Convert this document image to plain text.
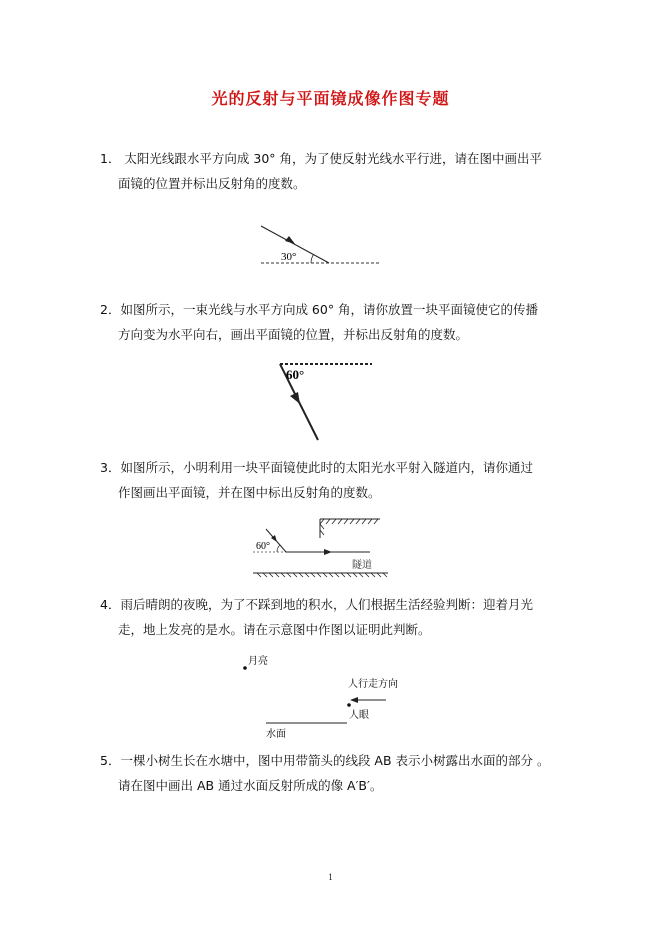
光的反射与平面镜成像作图专题
1． 太阳光线跟水平方向成 30° 角，为了使反射光线水平行进，请在图中画出平
面镜的位置并标出反射角的度数。
30°
2．如图所示，一束光线与水平方向成 60° 角，请你放置一块平面镜使它的传播
方向变为水平向右，画出平面镜的位置，并标出反射角的度数。
60°
3．如图所示，小明利用一块平面镜使此时的太阳光水平射入隧道内，请你通过
作图画出平面镜，并在图中标出反射角的度数。
60°
隧道
4．雨后晴朗的夜晚，为了不踩到地的积水，人们根据生活经验判断：迎着月光
走，地上发亮的是水。请在示意图中作图以证明此判断。
月亮
人行走方向
人眼
水面
5．一棵小树生长在水塘中，图中用带箭头的线段 AB 表示小树露出水面的部分 。
请在图中画出 AB 通过水面反射所成的像 A′B′。
1
